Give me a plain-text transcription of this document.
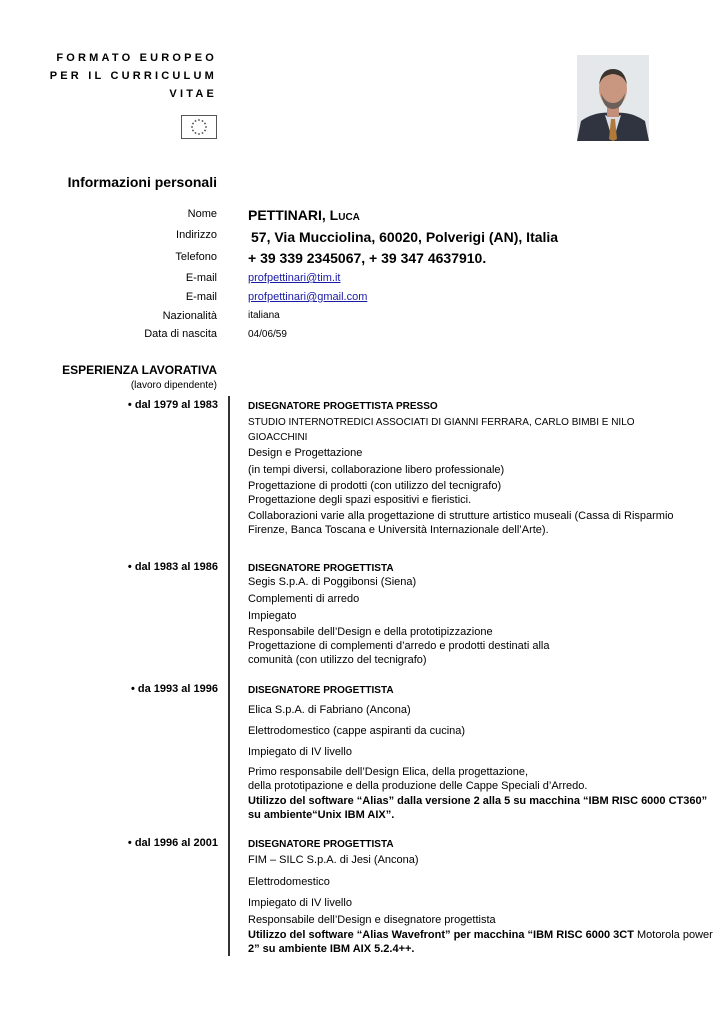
FORMATO EUROPEO
PER IL CURRICULUM
VITAE
Informazioni personali
Nome PETTINARI, Luca
Indirizzo 57, Via Mucciolina, 60020, Polverigi (AN), Italia
Telefono + 39 339 2345067, + 39 347 4637910.
E-mail	profpettinari@tim.it
E-mail	profpettinari@gmail.com
Nazionalità	italiana
Data di nascita	04/06/59
ESPERIENZA LAVORATIVA
(lavoro dipendente)
• dal 1979 al 1983	DISEGNATORE PROGETTISTA PRESSO
STUDIO INTERNOTREDICI ASSOCIATI DI GIANNI FERRARA, CARLO BIMBI E NILO
GIOACCHINI
Design e Progettazione
(in tempi diversi, collaborazione libero professionale)
Progettazione di prodotti (con utilizzo del tecnigrafo)
Progettazione degli spazi espositivi e fieristici.
Collaborazioni varie alla progettazione di strutture artistico museali (Cassa di Risparmio
Firenze, Banca Toscana e Università Internazionale dell’Arte).
• dal 1983 al 1986	DISEGNATORE PROGETTISTA
Segis S.p.A. di Poggibonsi (Siena)
Complementi di arredo
Impiegato
Responsabile dell’Design e della prototipizzazione
Progettazione di complementi d’arredo e prodotti destinati alla
comunità (con utilizzo del tecnigrafo)
• da 1993 al 1996	DISEGNATORE PROGETTISTA
Elica S.p.A. di Fabriano (Ancona)
Elettrodomestico (cappe aspiranti da cucina)
Impiegato di IV livello
Primo responsabile dell’Design Elica, della progettazione,
della prototipazione e della produzione delle Cappe Speciali d’Arredo.
Utilizzo del software “Alias” dalla versione 2 alla 5 su macchina “IBM RISC 6000 CT360”
su ambiente“Unix IBM AIX”.
• dal 1996 al 2001	DISEGNATORE PROGETTISTA
FIM – SILC S.p.A. di Jesi (Ancona)
Elettrodomestico
Impiegato di IV livello
Responsabile dell’Design e disegnatore progettista
Utilizzo del software “Alias Wavefront” per macchina “IBM RISC 6000 3CT Motorola power
2” su ambiente IBM AIX 5.2.4++.
